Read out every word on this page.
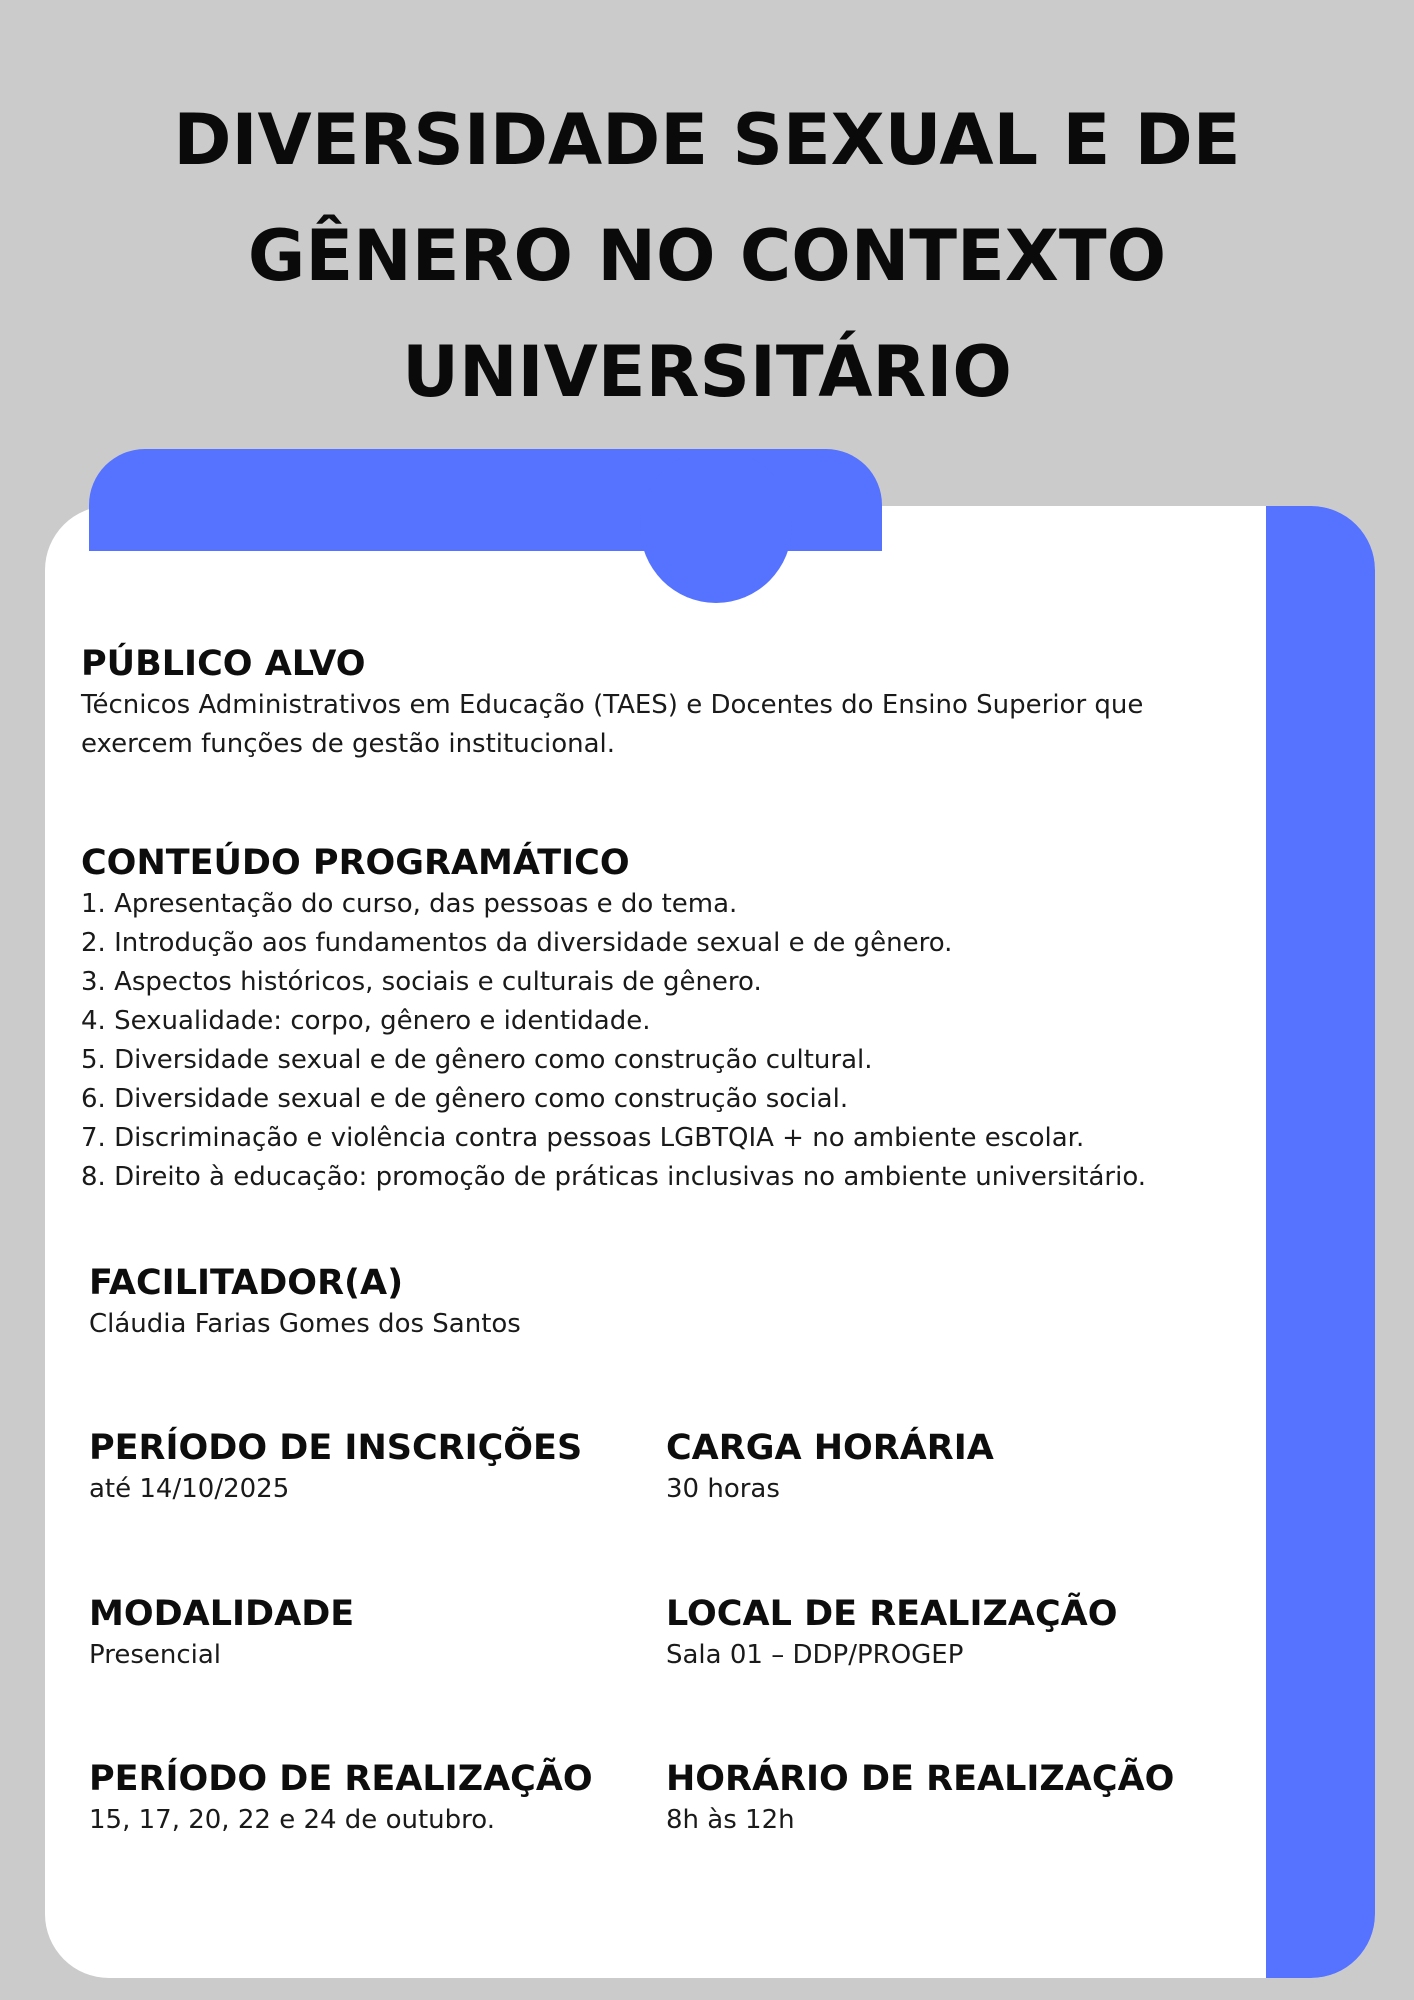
DIVERSIDADE SEXUAL E DE
GÊNERO NO CONTEXTO
UNIVERSITÁRIO
PÚBLICO ALVO
Técnicos Administrativos em Educação (TAES) e Docentes do Ensino Superior que exercem funções de gestão institucional.
CONTEÚDO PROGRAMÁTICO
1. Apresentação do curso, das pessoas e do tema.
2. Introdução aos fundamentos da diversidade sexual e de gênero.
3. Aspectos históricos, sociais e culturais de gênero.
4. Sexualidade: corpo, gênero e identidade.
5. Diversidade sexual e de gênero como construção cultural.
6. Diversidade sexual e de gênero como construção social.
7. Discriminação e violência contra pessoas LGBTQIA + no ambiente escolar.
8. Direito à educação: promoção de práticas inclusivas no ambiente universitário.
FACILITADOR(A)
Cláudia Farias Gomes dos Santos
PERÍODO DE INSCRIÇÕES
até 14/10/2025
CARGA HORÁRIA
30 horas
MODALIDADE
Presencial
LOCAL DE REALIZAÇÃO
Sala 01 – DDP/PROGEP
PERÍODO DE REALIZAÇÃO
15, 17, 20, 22 e 24 de outubro.
HORÁRIO DE REALIZAÇÃO
8h às 12h
